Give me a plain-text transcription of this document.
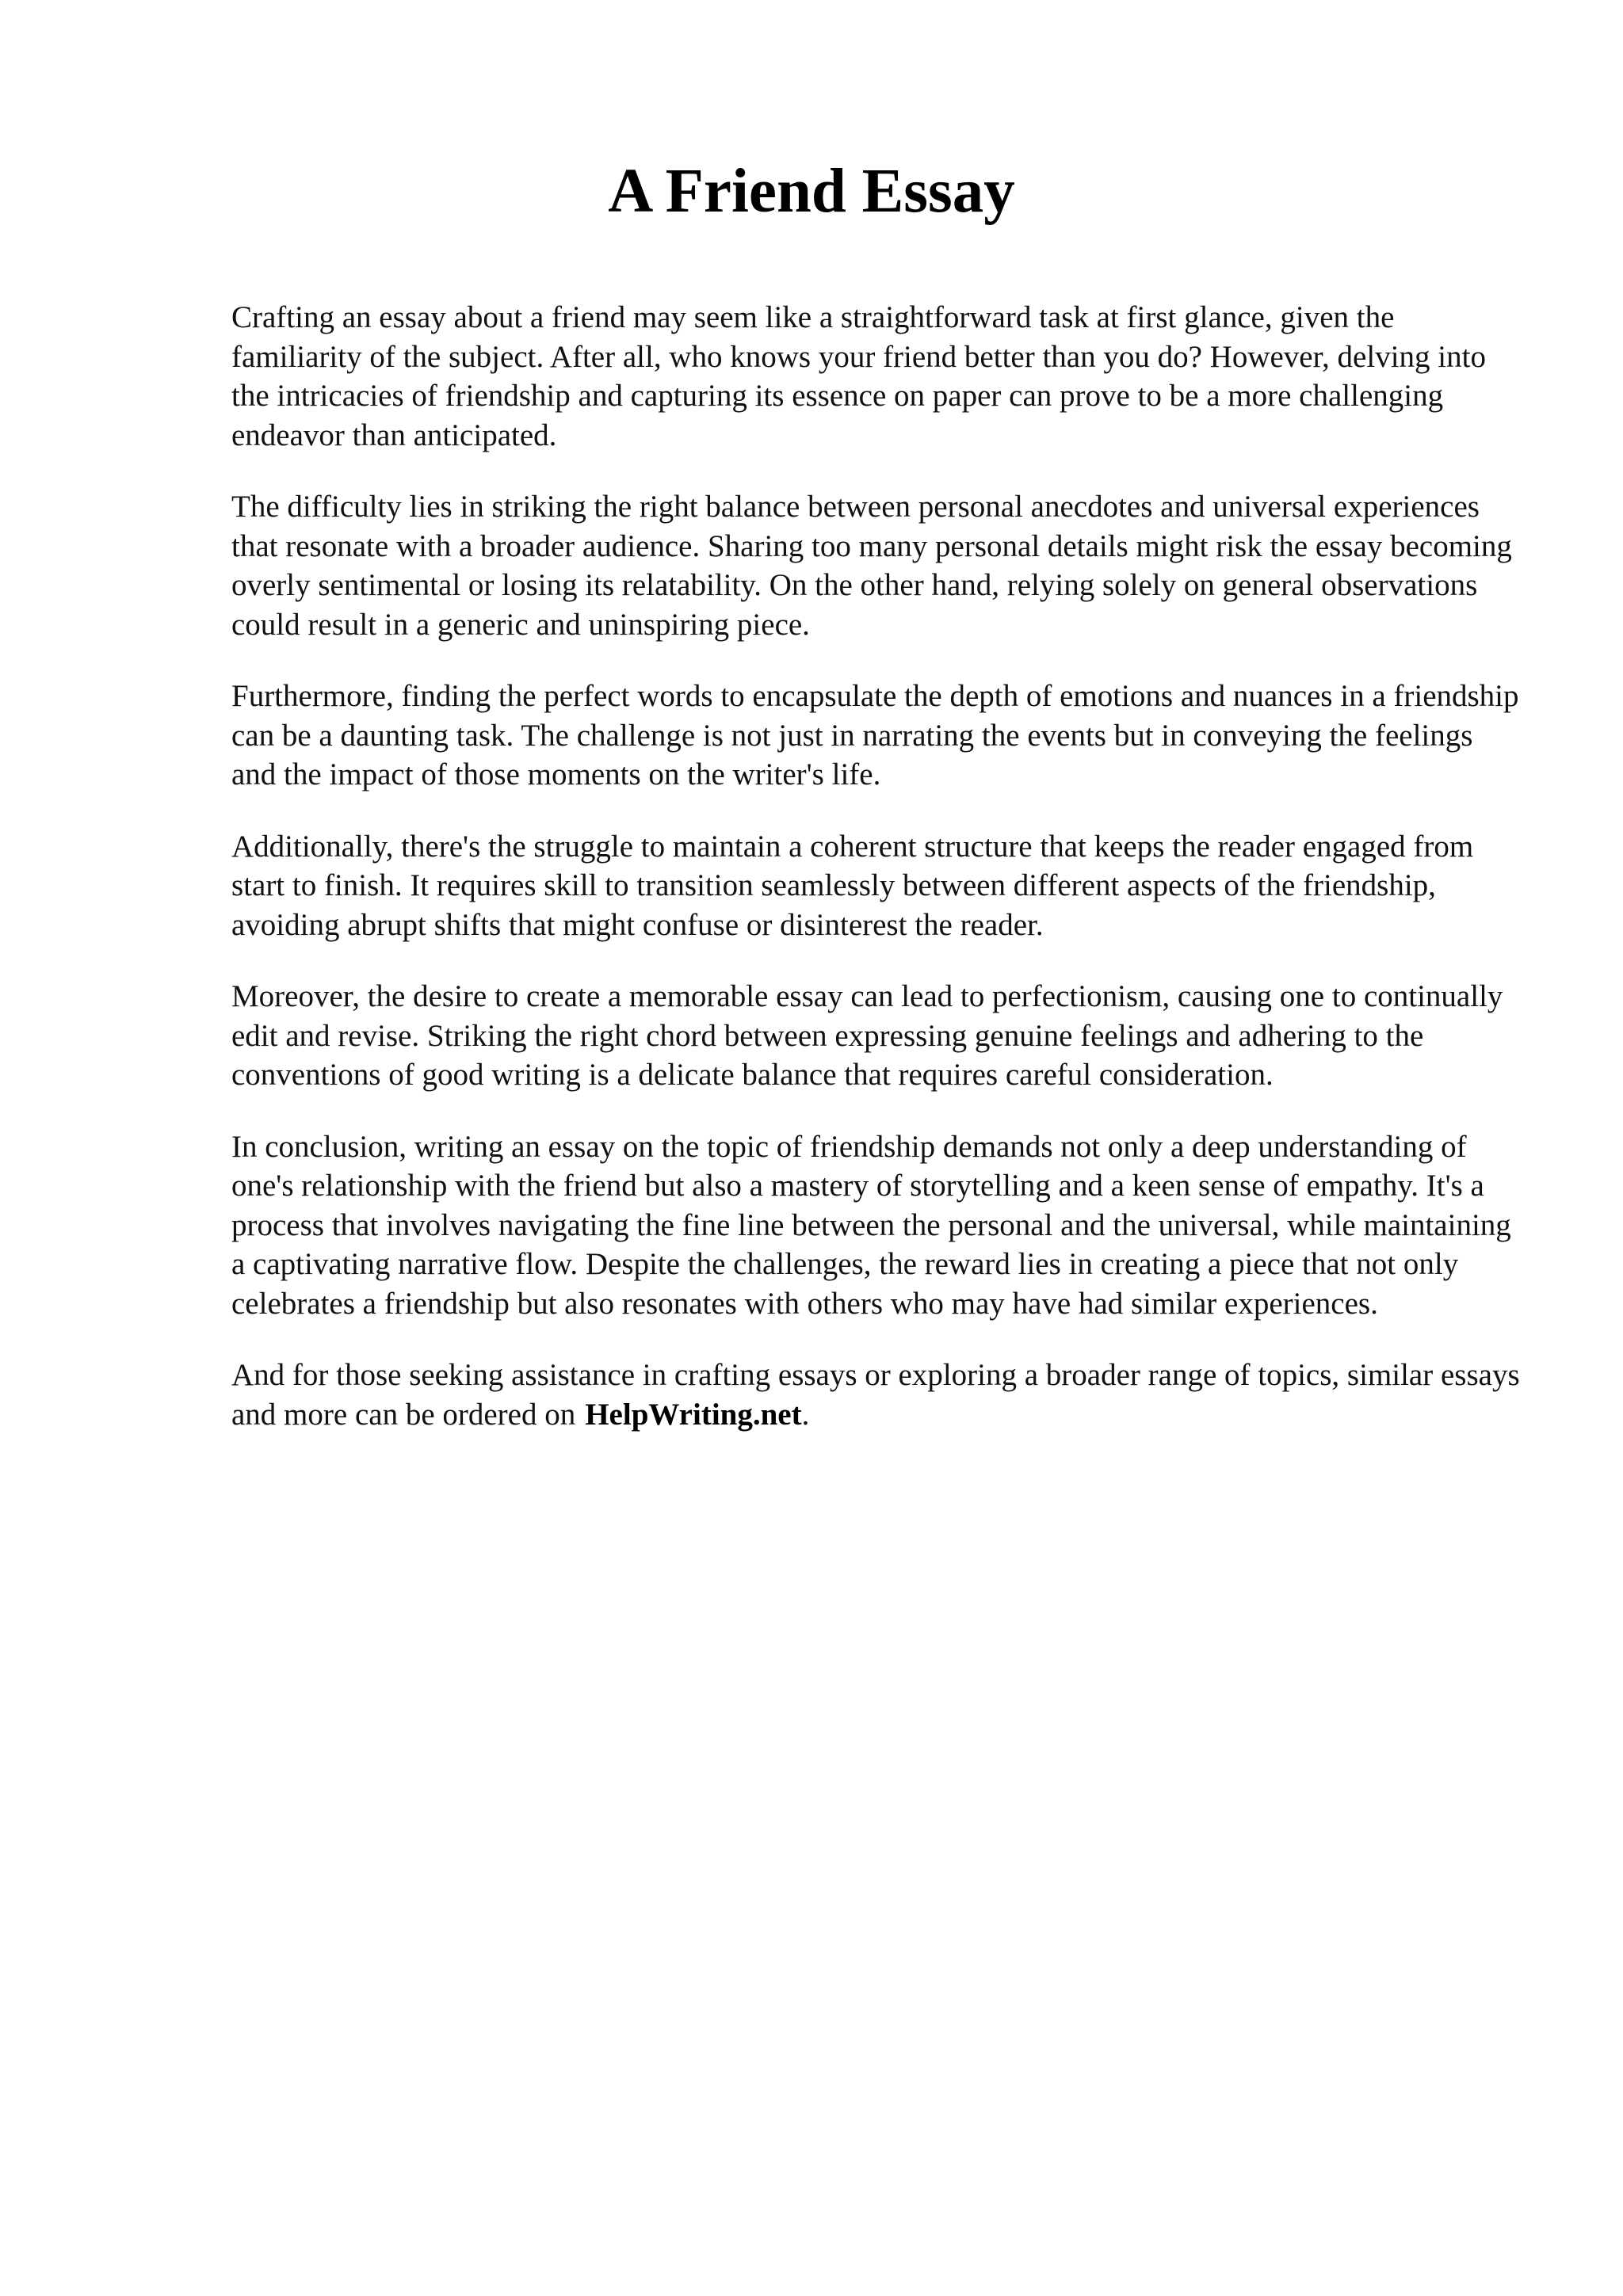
A Friend Essay

Crafting an essay about a friend may seem like a straightforward task at first glance, given the familiarity of the subject. After all, who knows your friend better than you do? However, delving into the intricacies of friendship and capturing its essence on paper can prove to be a more challenging endeavor than anticipated.

The difficulty lies in striking the right balance between personal anecdotes and universal experiences that resonate with a broader audience. Sharing too many personal details might risk the essay becoming overly sentimental or losing its relatability. On the other hand, relying solely on general observations could result in a generic and uninspiring piece.

Furthermore, finding the perfect words to encapsulate the depth of emotions and nuances in a friendship can be a daunting task. The challenge is not just in narrating the events but in conveying the feelings and the impact of those moments on the writer's life.

Additionally, there's the struggle to maintain a coherent structure that keeps the reader engaged from start to finish. It requires skill to transition seamlessly between different aspects of the friendship, avoiding abrupt shifts that might confuse or disinterest the reader.

Moreover, the desire to create a memorable essay can lead to perfectionism, causing one to continually edit and revise. Striking the right chord between expressing genuine feelings and adhering to the conventions of good writing is a delicate balance that requires careful consideration.

In conclusion, writing an essay on the topic of friendship demands not only a deep understanding of one's relationship with the friend but also a mastery of storytelling and a keen sense of empathy. It's a process that involves navigating the fine line between the personal and the universal, while maintaining a captivating narrative flow. Despite the challenges, the reward lies in creating a piece that not only celebrates a friendship but also resonates with others who may have had similar experiences.

And for those seeking assistance in crafting essays or exploring a broader range of topics, similar essays and more can be ordered on HelpWriting.net.
